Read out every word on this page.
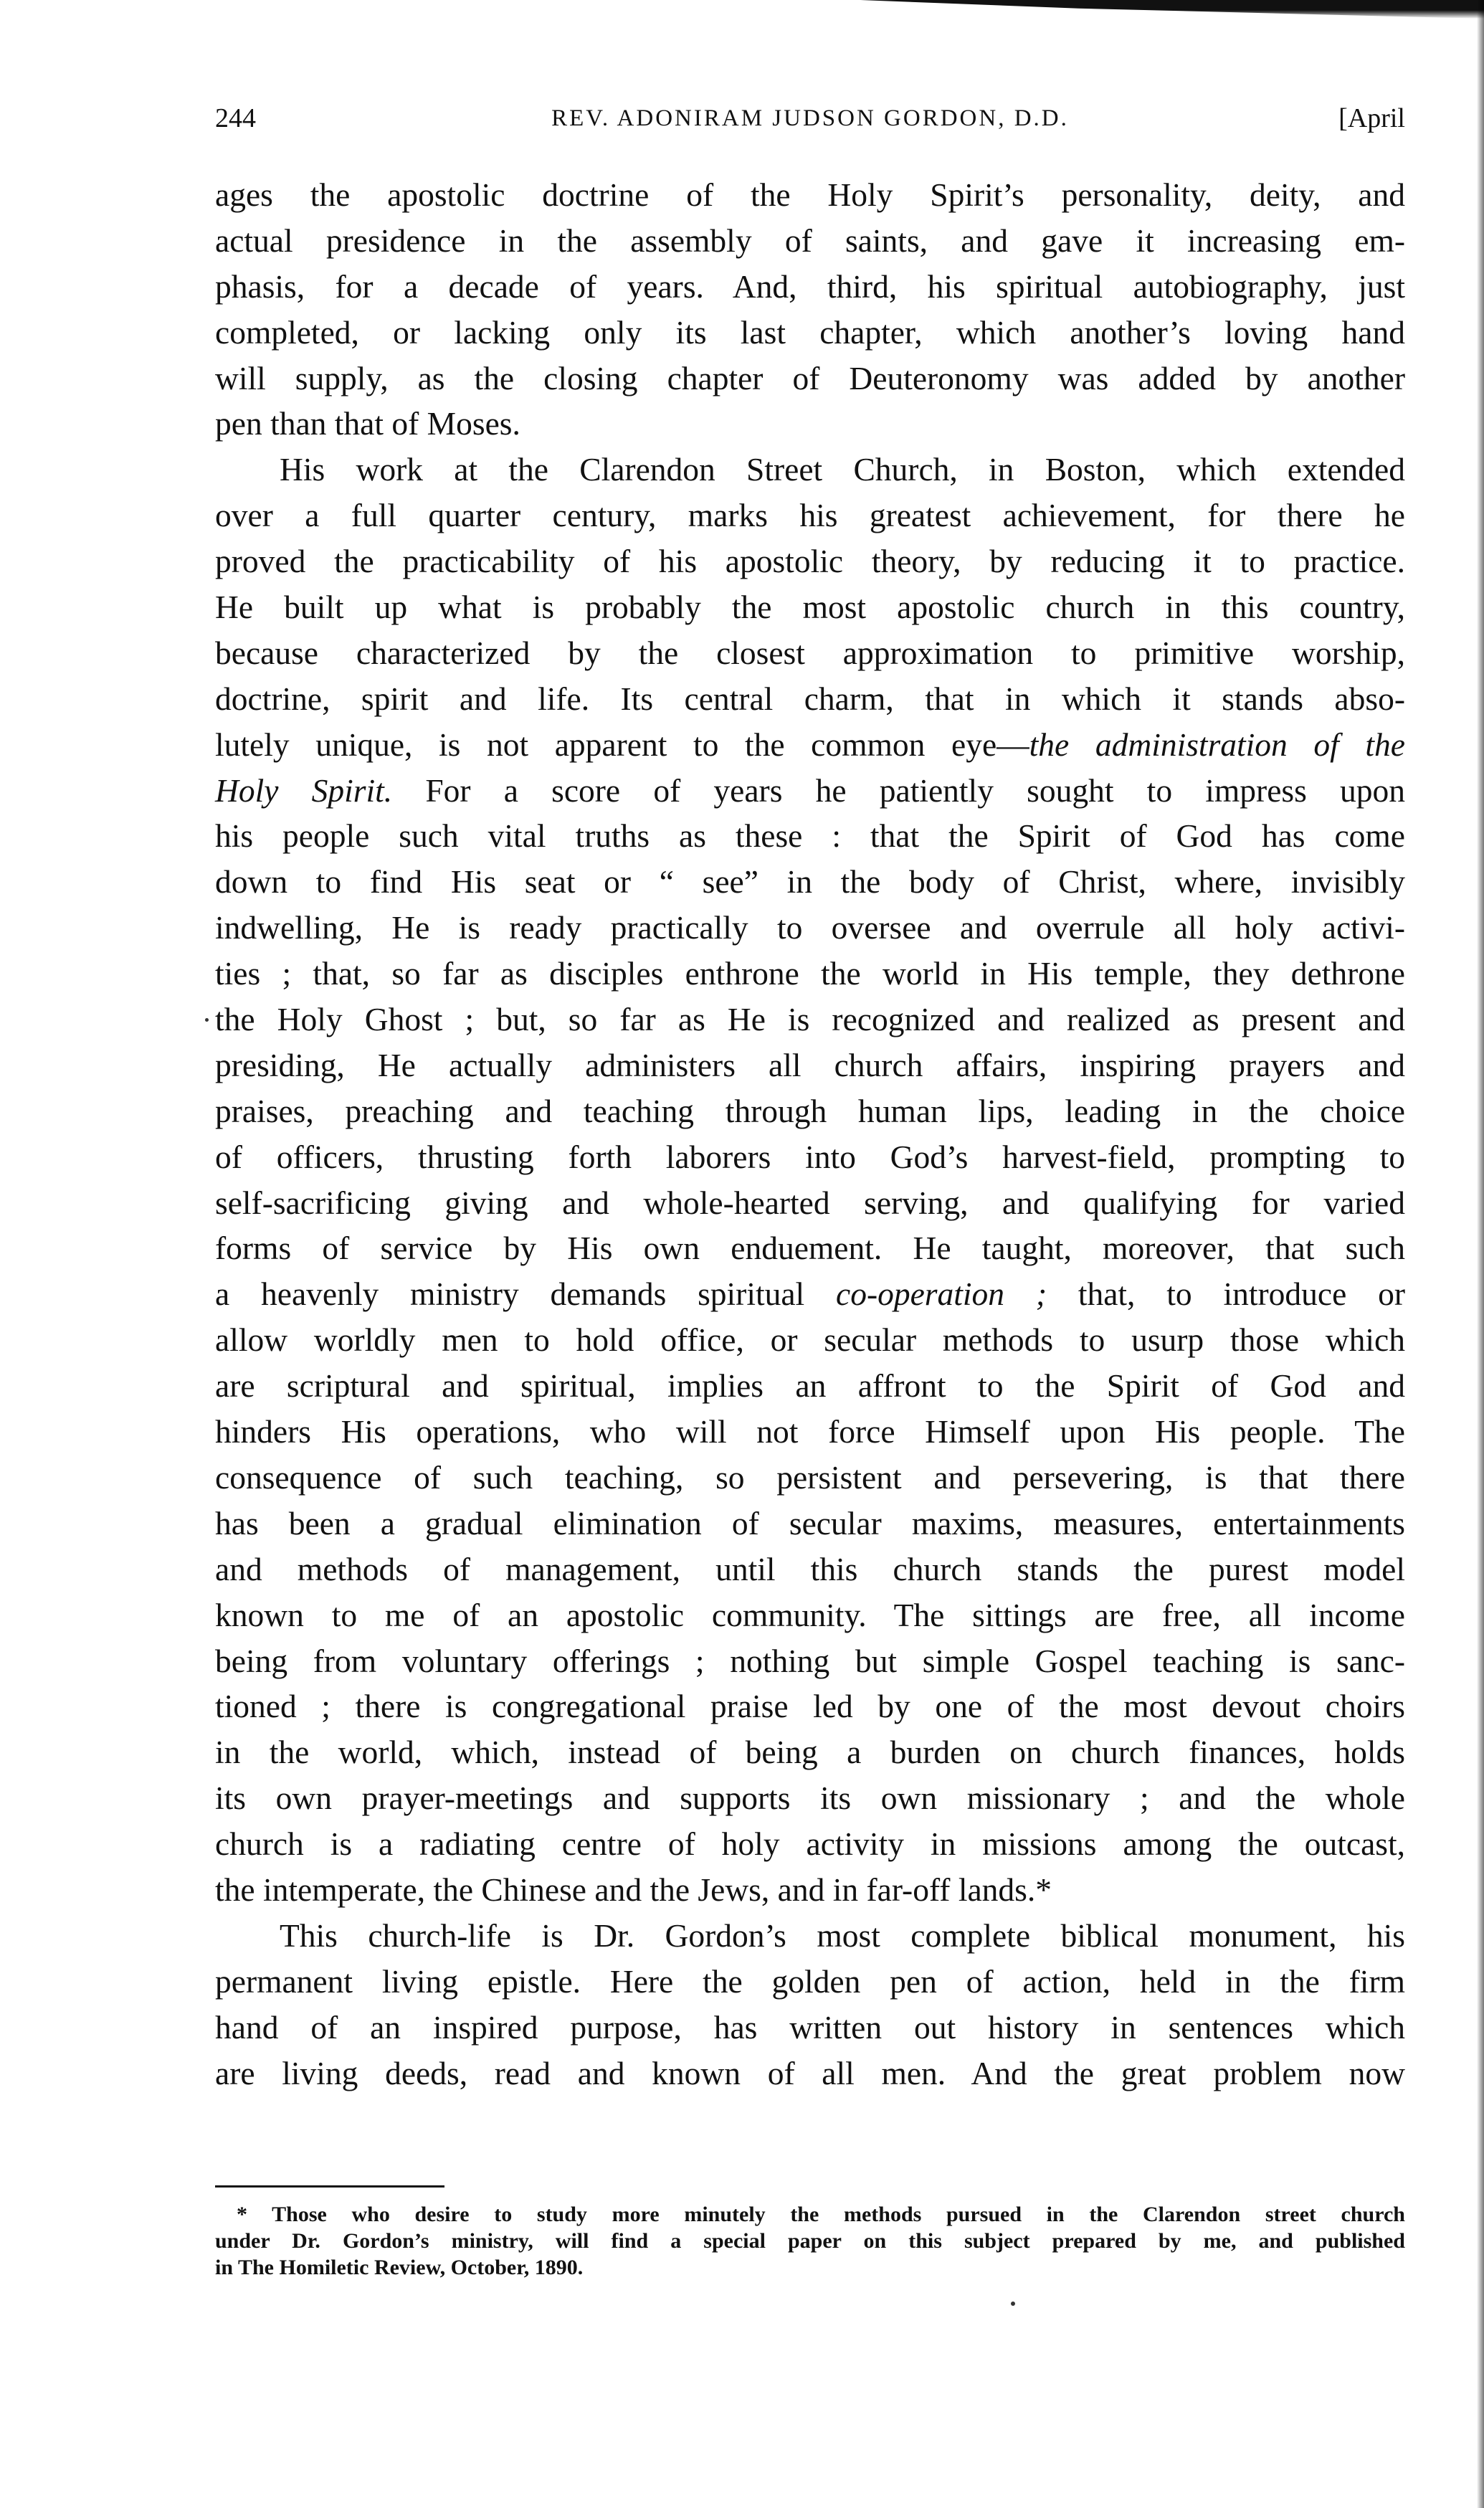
244	REV. ADONIRAM JUDSON GORDON, D.D.	[April
ages the apostolic doctrine of the Holy Spirit’s personality, deity, and
actual presidence in the assembly of saints, and gave it increasing em-
phasis, for a decade of years. And, third, his spiritual autobiography, just
completed, or lacking only its last chapter, which another’s loving hand
will supply, as the closing chapter of Deuteronomy was added by another
pen than that of Moses.
His work at the Clarendon Street Church, in Boston, which extended
over a full quarter century, marks his greatest achievement, for there he
proved the practicability of his apostolic theory, by reducing it to practice.
He built up what is probably the most apostolic church in this country,
because characterized by the closest approximation to primitive worship,
doctrine, spirit and life. Its central charm, that in which it stands abso-
lutely unique, is not apparent to the common eye—the administration of the
Holy Spirit. For a score of years he patiently sought to impress upon
his people such vital truths as these : that the Spirit of God has come
down to find His seat or “ see” in the body of Christ, where, invisibly
indwelling, He is ready practically to oversee and overrule all holy activi-
ties ; that, so far as disciples enthrone the world in His temple, they dethrone
the Holy Ghost ; but, so far as He is recognized and realized as present and
presiding, He actually administers all church affairs, inspiring prayers and
praises, preaching and teaching through human lips, leading in the choice
of officers, thrusting forth laborers into God’s harvest-field, prompting to
self-sacrificing giving and whole-hearted serving, and qualifying for varied
forms of service by His own enduement. He taught, moreover, that such
a heavenly ministry demands spiritual co-operation ; that, to introduce or
allow worldly men to hold office, or secular methods to usurp those which
are scriptural and spiritual, implies an affront to the Spirit of God and
hinders His operations, who will not force Himself upon His people. The
consequence of such teaching, so persistent and persevering, is that there
has been a gradual elimination of secular maxims, measures, entertainments
and methods of management, until this church stands the purest model
known to me of an apostolic community. The sittings are free, all income
being from voluntary offerings ; nothing but simple Gospel teaching is sanc-
tioned ; there is congregational praise led by one of the most devout choirs
in the world, which, instead of being a burden on church finances, holds
its own prayer-meetings and supports its own missionary ; and the whole
church is a radiating centre of holy activity in missions among the outcast,
the intemperate, the Chinese and the Jews, and in far-off lands.*
This church-life is Dr. Gordon’s most complete biblical monument, his
permanent living epistle. Here the golden pen of action, held in the firm
hand of an inspired purpose, has written out history in sentences which
are living deeds, read and known of all men. And the great problem now
* Those who desire to study more minutely the methods pursued in the Clarendon street church
under Dr. Gordon’s ministry, will find a special paper on this subject prepared by me, and published
in The Homiletic Review, October, 1890.
